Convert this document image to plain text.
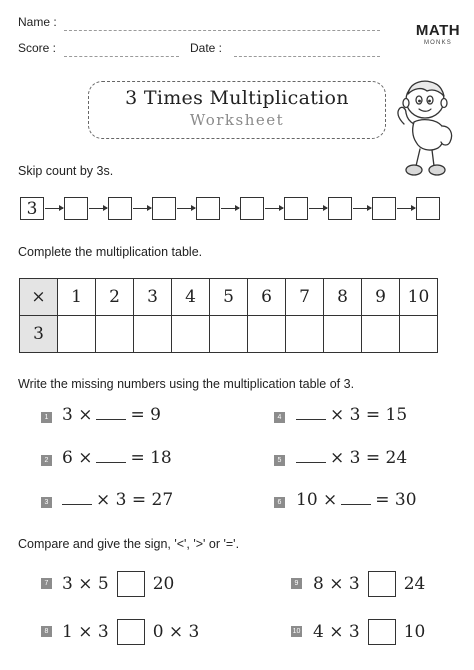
Name :
Score :	Date :
MATH
MONKS
3 Times Multiplication
Worksheet
Skip count by 3s.
3
Complete the multiplication table.
×	1	2	3	4	5	6	7	8	9	10
3										
Write the missing numbers using the multiplication table of 3.
1 3 × = 9
2 6 × = 18
3	× 3 = 27
4	× 3 = 15
5	× 3 = 24
6 10 × = 30
Compare and give the sign, '<', '>' or '='.
7 3 × 5	20
8 1 × 3	0 × 3
9 8 × 3	24
10 4 × 3	10
